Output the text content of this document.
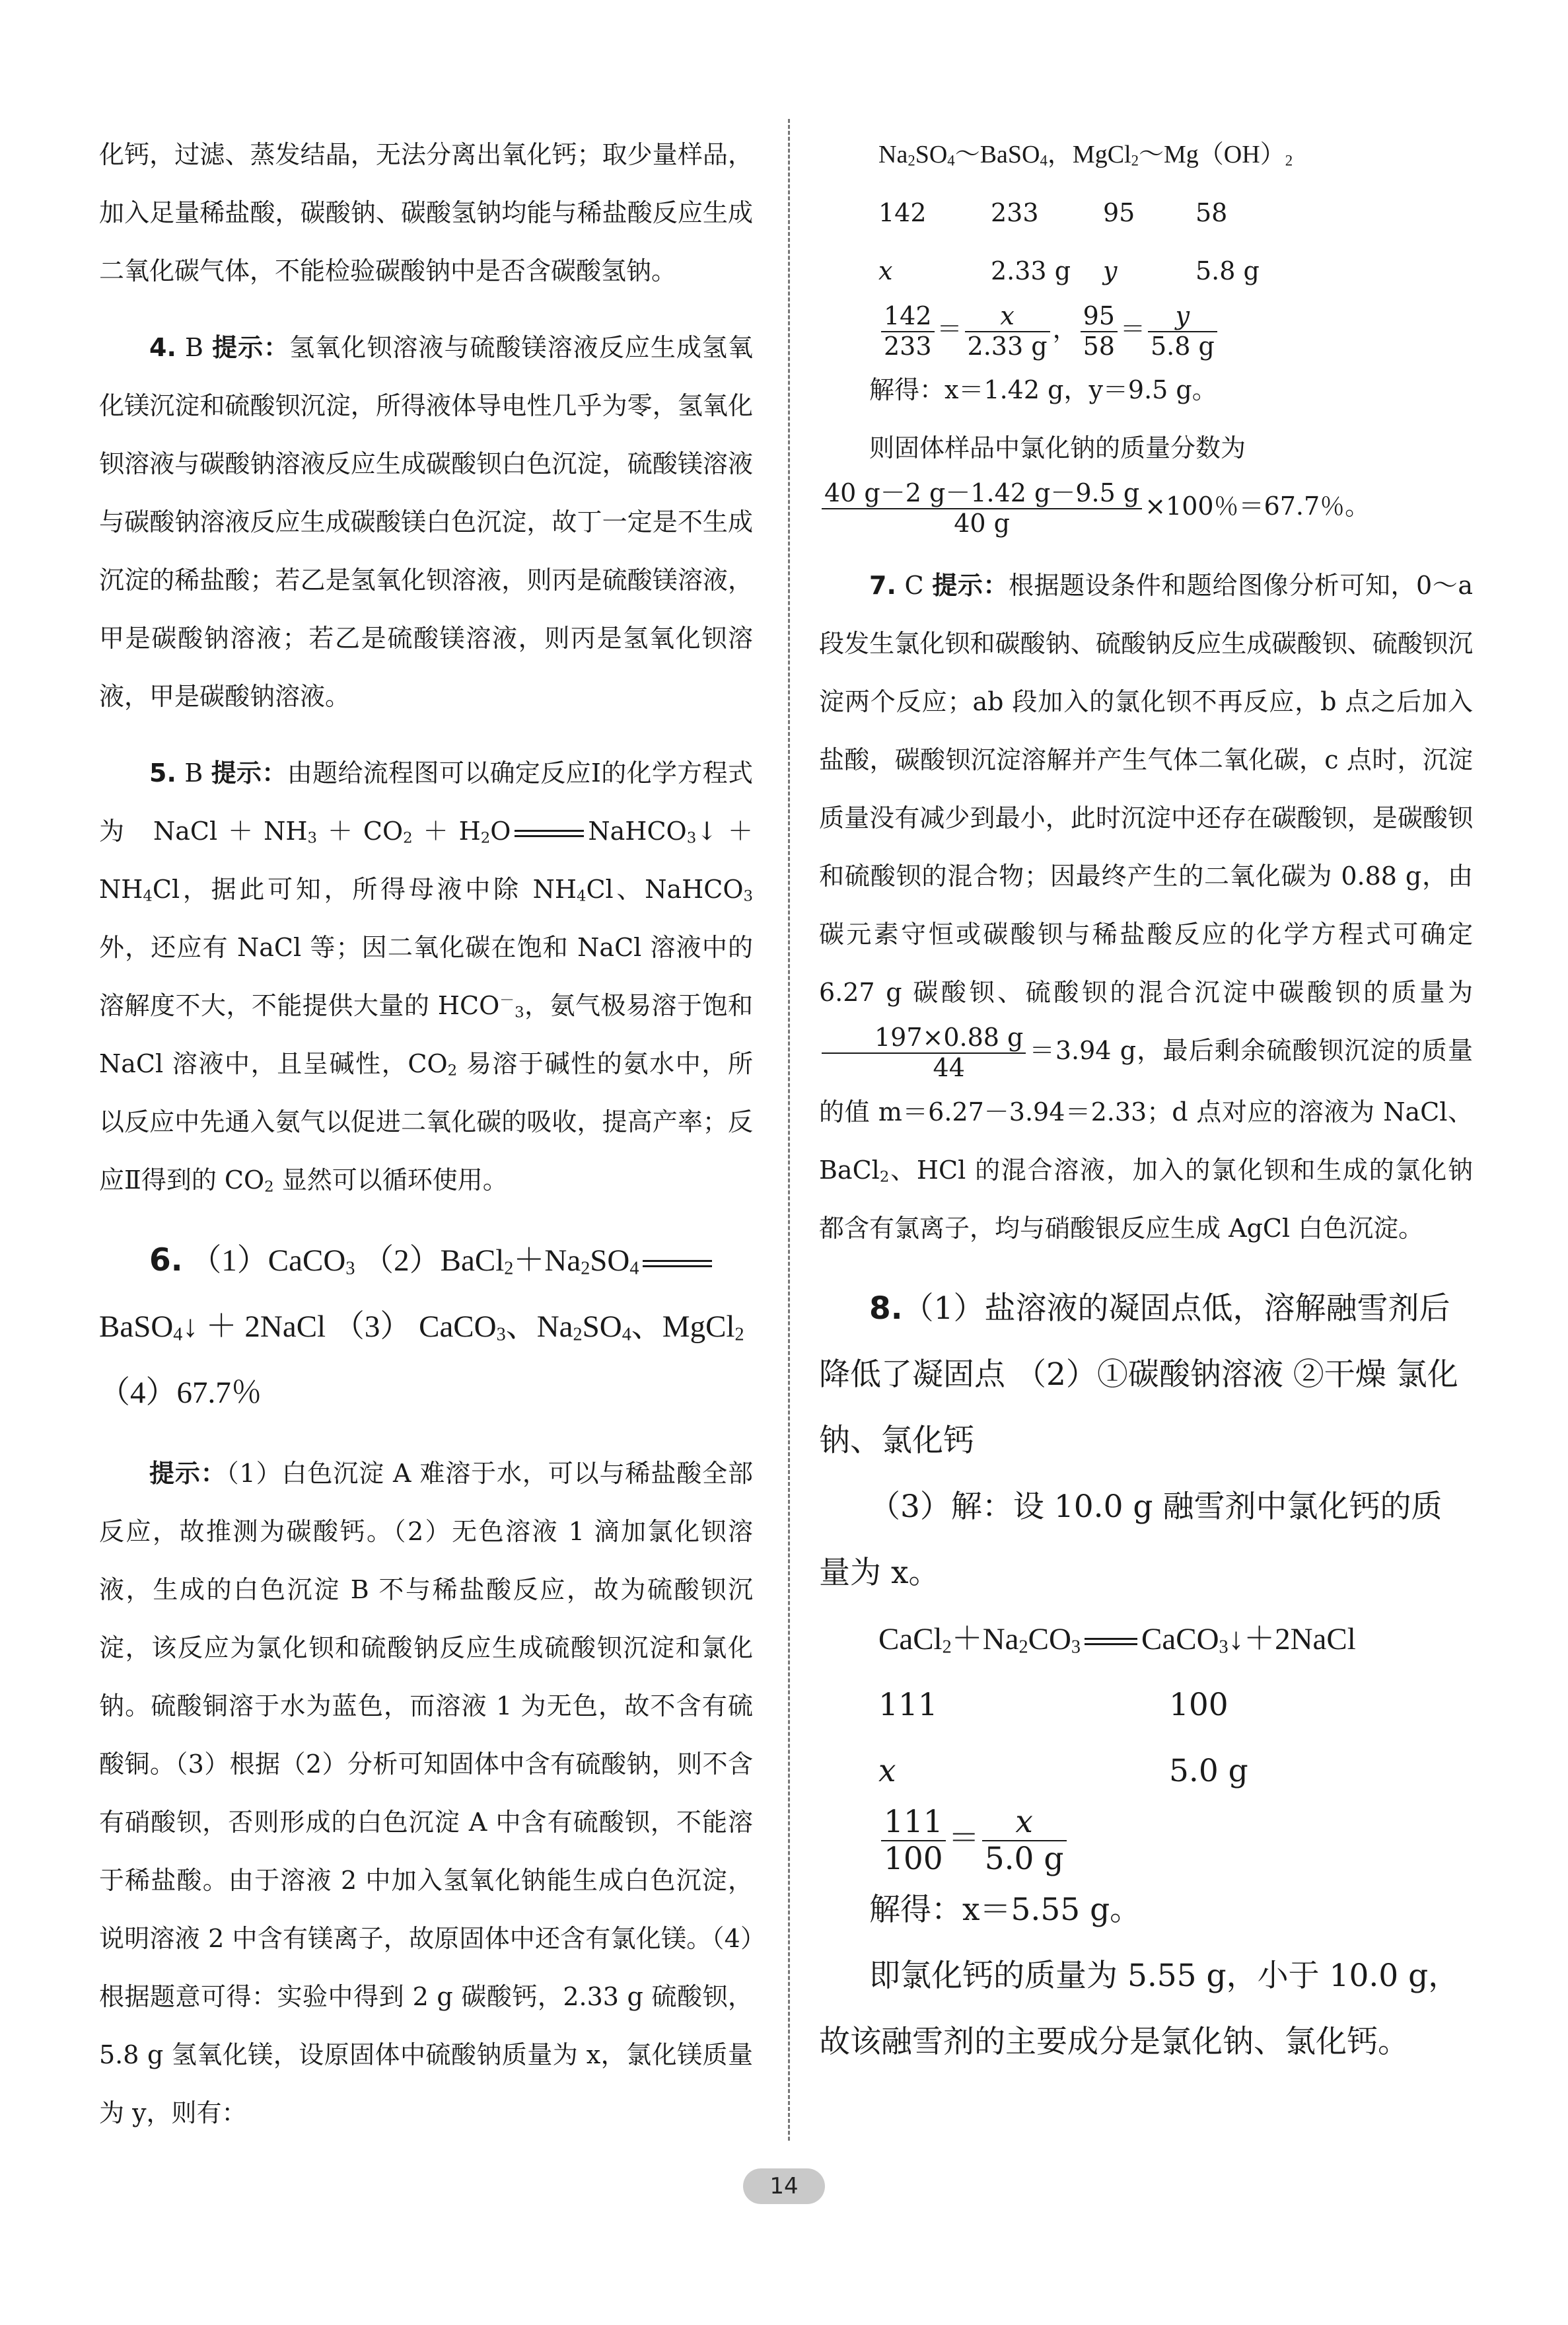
化钙，过滤、蒸发结晶，无法分离出氧化钙；取少量样品，加入足量稀盐酸，碳酸钠、碳酸氢钠均能与稀盐酸反应生成二氧化碳气体，不能检验碳酸钠中是否含碳酸氢钠。

4. B 提示：氢氧化钡溶液与硫酸镁溶液反应生成氢氧化镁沉淀和硫酸钡沉淀，所得液体导电性几乎为零，氢氧化钡溶液与碳酸钠溶液反应生成碳酸钡白色沉淀，硫酸镁溶液与碳酸钠溶液反应生成碳酸镁白色沉淀，故丁一定是不生成沉淀的稀盐酸；若乙是氢氧化钡溶液，则丙是硫酸镁溶液，甲是碳酸钠溶液；若乙是硫酸镁溶液，则丙是氢氧化钡溶液，甲是碳酸钠溶液。

5. B 提示：由题给流程图可以确定反应Ⅰ的化学方程式为 $NaCl+NH_3+CO_2+H_2O$	$NaHCO_3↓+NH_4Cl$，据此可知，所得母液中除 $NH_4Cl$、NaHCO$_3$ 外，还应有 NaCl 等；因二氧化碳在饱和 NaCl 溶液中的溶解度不大，不能提供大量的 $HCO^-_3$，氨气极易溶于饱和 NaCl 溶液中，且呈碱性，$CO_2$ 易溶于碱性的氨水中，所以反应中先通入氨气以促进二氧化碳的吸收，提高产率；反应Ⅱ得到的 $CO_2$ 显然可以循环使用。

6. （1）CaCO$_3$ $(2)BaCl_2+Na_2SO_4BaSO_4↓$ ＋ 2NaCl （3） CaCO$_3$、$Na_2SO_4$、MgCl$_2$ （4）67.7％

提示：（1）白色沉淀 A 难溶于水，可以与稀盐酸全部反应，故推测为碳酸钙。（2）无色溶液 1 滴加氯化钡溶液，生成的白色沉淀 B 不与稀盐酸反应，故为硫酸钡沉淀，该反应为氯化钡和硫酸钠反应生成硫酸钡沉淀和氯化钠。硫酸铜溶于水为蓝色，而溶液 1 为无色，故不含有硫酸铜。（3）根据（2）分析可知固体中含有硫酸钠，则不含有硝酸钡，否则形成的白色沉淀 A 中含有硫酸钡，不能溶于稀盐酸。由于溶液 2 中加入氢氧化钠能生成白色沉淀，说明溶液 2 中含有镁离子，故原固体中还含有氯化镁。（4）根据题意可得：实验中得到 2 g 碳酸钙，2.33 g 硫酸钡，5.8 g 氢氧化镁，设原固体中硫酸钠质量为 x，氯化镁质量为 y，则有：

$Na_2SO_4\sim BaSO_4$，$MgCl_2\sim Mg(OH)_2$

142	233	95	58
x	2.33 g	y	5.8 g

$\frac{142}{233} = \frac{x}{2.33 g}$ ， $\frac{95}{58} = \frac{y}{5.8 g}$

解得：x＝1.42 g，y＝9.5 g。

则固体样品中氯化钠的质量分数为

$\frac{40 g-2 g-1.42 g-9.5 g}{40 g} \times 100$％＝67.7％。

7. C 提示：根据题设条件和题给图像分析可知，0～a 段发生氯化钡和碳酸钠、硫酸钠反应生成碳酸钡、硫酸钡沉淀两个反应；ab 段加入的氯化钡不再反应，b 点之后加入盐酸，碳酸钡沉淀溶解并产生气体二氧化碳，c 点时，沉淀质量没有减少到最小，此时沉淀中还存在碳酸钡，是碳酸钡和硫酸钡的混合物；因最终产生的二氧化碳为 0.88 g，由碳元素守恒或碳酸钡与稀盐酸反应的化学方程式可确定 6.27 g 碳酸钡、硫酸钡的混合沉淀中碳酸钡的质量为
$\frac{197\times 0.88 g}{44} =3.94$ g，最后剩余硫酸钡沉淀的质量的值 m＝6.27－3.94＝2.33；d 点对应的溶液为 NaCl、BaCl$_2$、HCl 的混合溶液，加入的氯化钡和生成的氯化钠都含有氯离子，均与硝酸银反应生成 AgCl 白色沉淀。

8.（1）盐溶液的凝固点低，溶解融雪剂后降低了凝固点 （2）①碳酸钠溶液 ②干燥 氯化钠、氯化钙

（3）解：设 10.0 g 融雪剂中氯化钙的质量为 x。

$CaCl_2+Na_2CO_3$ CaCO$_3$↓＋2NaCl

111	100
x	5.0 g

$\frac{111}{100} = \frac{x}{5.0 g}$

解得：x＝5.55 g。

即氯化钙的质量为 5.55 g，小于 10.0 g，故该融雪剂的主要成分是氯化钠、氯化钙。

14
